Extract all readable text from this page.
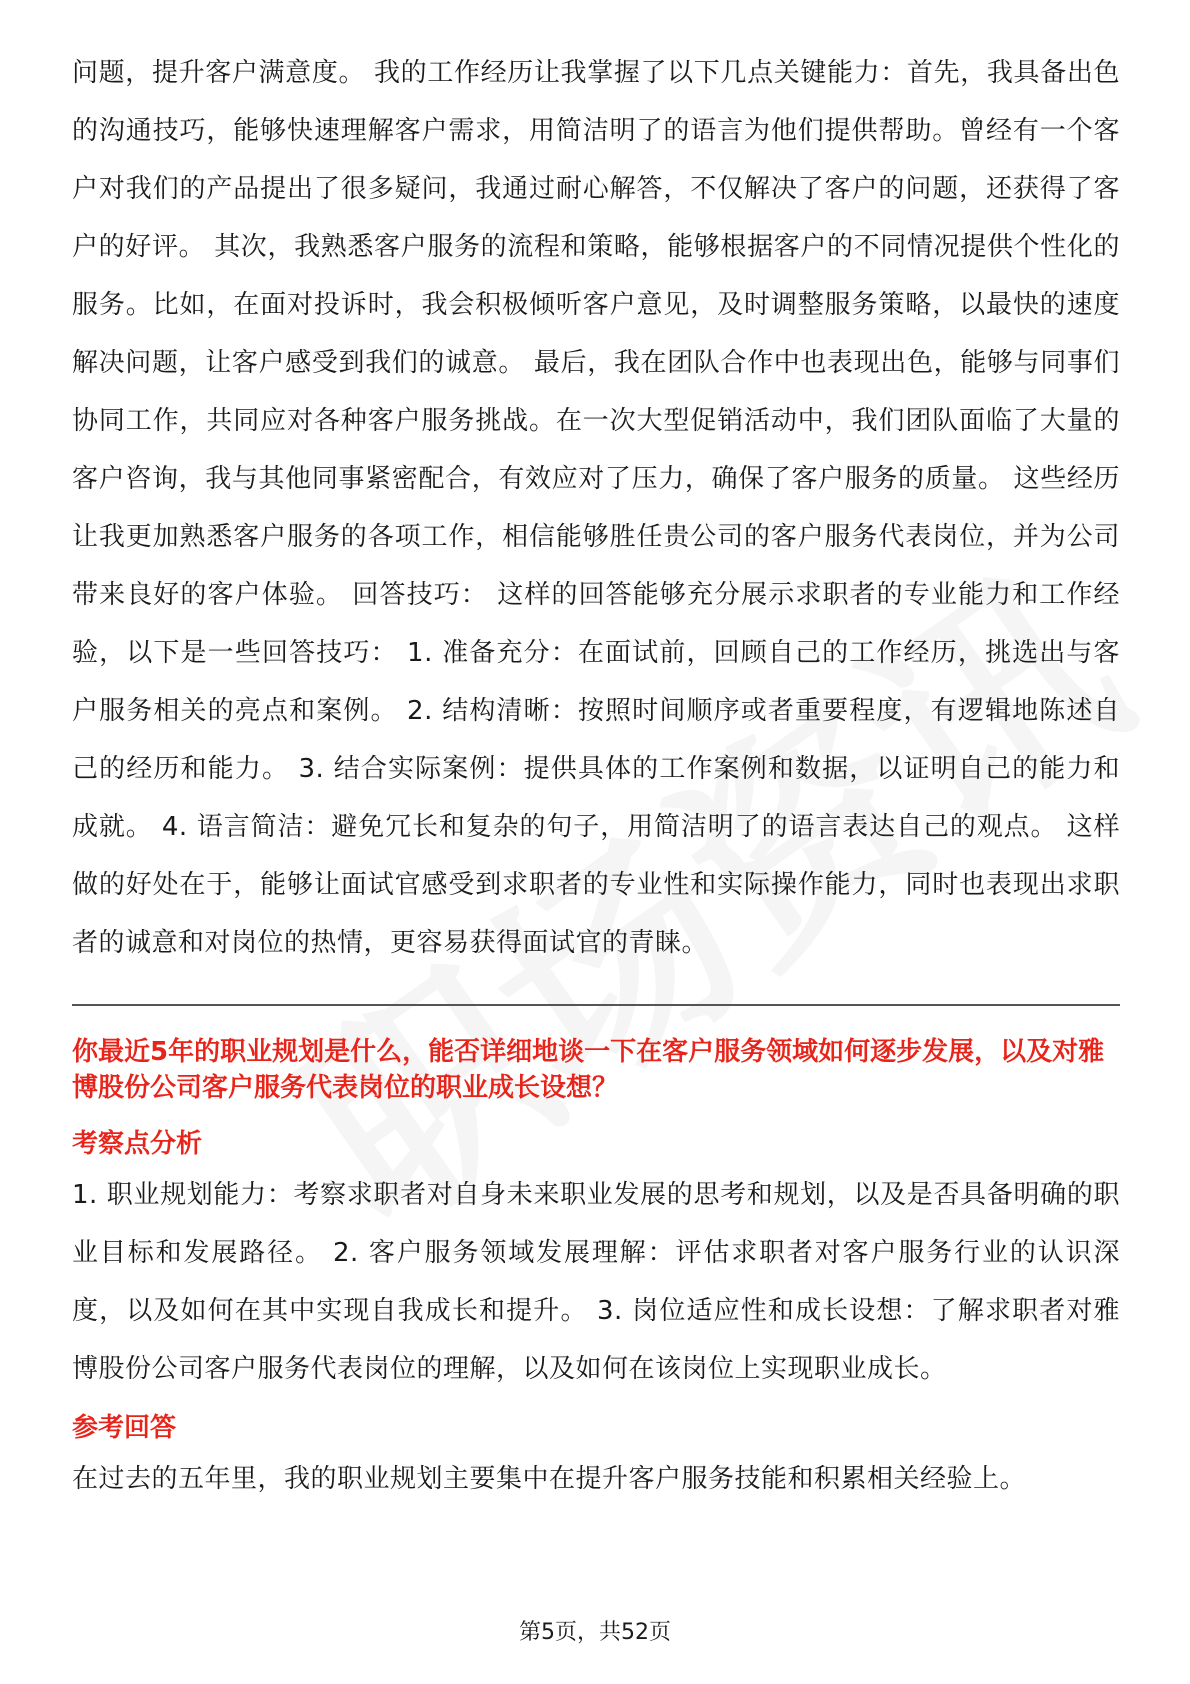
问题，提升客户满意度。 我的工作经历让我掌握了以下几点关键能力：首先，我具备出色的沟通技巧，能够快速理解客户需求，用简洁明了的语言为他们提供帮助。曾经有一个客户对我们的产品提出了很多疑问，我通过耐心解答，不仅解决了客户的问题，还获得了客户的好评。 其次，我熟悉客户服务的流程和策略，能够根据客户的不同情况提供个性化的服务。比如，在面对投诉时，我会积极倾听客户意见，及时调整服务策略，以最快的速度解决问题，让客户感受到我们的诚意。 最后，我在团队合作中也表现出色，能够与同事们协同工作，共同应对各种客户服务挑战。在一次大型促销活动中，我们团队面临了大量的客户咨询，我与其他同事紧密配合，有效应对了压力，确保了客户服务的质量。 这些经历让我更加熟悉客户服务的各项工作，相信能够胜任贵公司的客户服务代表岗位，并为公司带来良好的客户体验。 回答技巧： 这样的回答能够充分展示求职者的专业能力和工作经验，以下是一些回答技巧： 1. 准备充分：在面试前，回顾自己的工作经历，挑选出与客户服务相关的亮点和案例。 2. 结构清晰：按照时间顺序或者重要程度，有逻辑地陈述自己的经历和能力。 3. 结合实际案例：提供具体的工作案例和数据，以证明自己的能力和成就。 4. 语言简洁：避免冗长和复杂的句子，用简洁明了的语言表达自己的观点。 这样做的好处在于，能够让面试官感受到求职者的专业性和实际操作能力，同时也表现出求职者的诚意和对岗位的热情，更容易获得面试官的青睐。

你最近5年的职业规划是什么，能否详细地谈一下在客户服务领域如何逐步发展，以及对雅博股份公司客户服务代表岗位的职业成长设想？

考察点分析

1. 职业规划能力：考察求职者对自身未来职业发展的思考和规划，以及是否具备明确的职业目标和发展路径。 2. 客户服务领域发展理解：评估求职者对客户服务行业的认识深度，以及如何在其中实现自我成长和提升。 3. 岗位适应性和成长设想：了解求职者对雅博股份公司客户服务代表岗位的理解，以及如何在该岗位上实现职业成长。

参考回答

在过去的五年里，我的职业规划主要集中在提升客户服务技能和积累相关经验上。

第5页，共52页
